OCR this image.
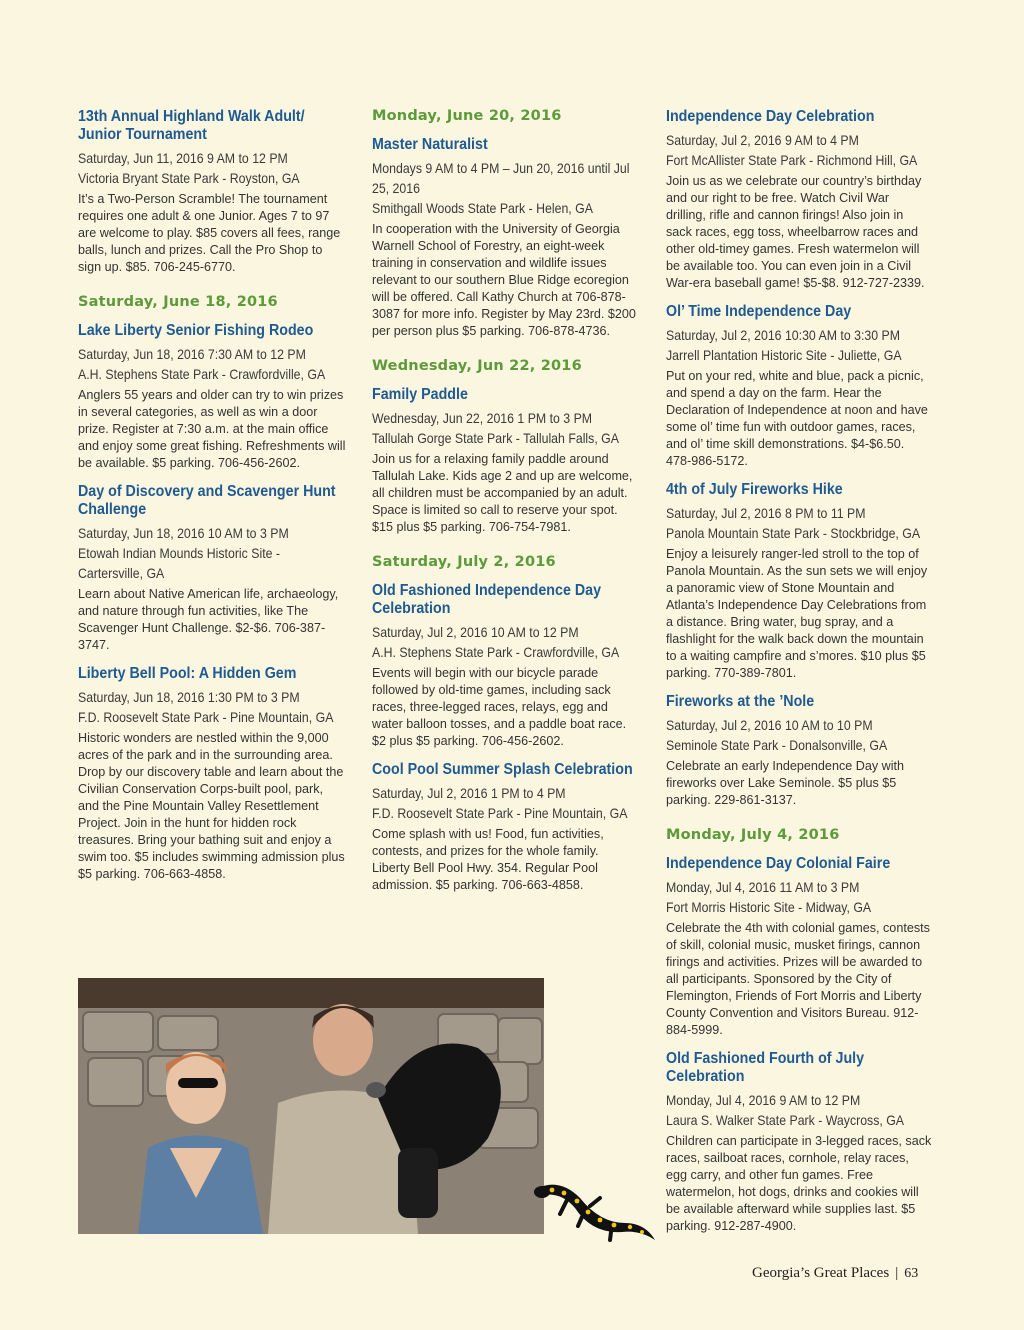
13th Annual Highland Walk Adult/ Junior Tournament
Saturday, Jun 11, 2016 9 AM to 12 PM
Victoria Bryant State Park - Royston, GA
It’s a Two-Person Scramble! The tournament requires one adult & one Junior. Ages 7 to 97 are welcome to play. $85 covers all fees, range balls, lunch and prizes. Call the Pro Shop to sign up. $85. 706-245-6770.
Saturday, June 18, 2016
Lake Liberty Senior Fishing Rodeo
Saturday, Jun 18, 2016 7:30 AM to 12 PM
A.H. Stephens State Park - Crawfordville, GA
Anglers 55 years and older can try to win prizes in several categories, as well as win a door prize. Register at 7:30 a.m. at the main office and enjoy some great fishing. Refreshments will be available. $5 parking. 706-456-2602.
Day of Discovery and Scavenger Hunt Challenge
Saturday, Jun 18, 2016 10 AM to 3 PM
Etowah Indian Mounds Historic Site - Cartersville, GA
Learn about Native American life, archaeology, and nature through fun activities, like The Scavenger Hunt Challenge. $2-$6. 706-387-3747.
Liberty Bell Pool: A Hidden Gem
Saturday, Jun 18, 2016 1:30 PM to 3 PM
F.D. Roosevelt State Park - Pine Mountain, GA
Historic wonders are nestled within the 9,000 acres of the park and in the surrounding area. Drop by our discovery table and learn about the Civilian Conservation Corps-built pool, park, and the Pine Mountain Valley Resettlement Project. Join in the hunt for hidden rock treasures. Bring your bathing suit and enjoy a swim too. $5 includes swimming admission plus $5 parking. 706-663-4858.
Monday, June 20, 2016
Master Naturalist
Mondays 9 AM to 4 PM – Jun 20, 2016 until Jul 25, 2016
Smithgall Woods State Park - Helen, GA
In cooperation with the University of Georgia Warnell School of Forestry, an eight-week training in conservation and wildlife issues relevant to our southern Blue Ridge ecoregion will be offered. Call Kathy Church at 706-878-3087 for more info. Register by May 23rd. $200 per person plus $5 parking. 706-878-4736.
Wednesday, Jun 22, 2016
Family Paddle
Wednesday, Jun 22, 2016 1 PM to 3 PM
Tallulah Gorge State Park - Tallulah Falls, GA
Join us for a relaxing family paddle around Tallulah Lake. Kids age 2 and up are welcome, all children must be accompanied by an adult. Space is limited so call to reserve your spot. $15 plus $5 parking. 706-754-7981.
Saturday, July 2, 2016
Old Fashioned Independence Day Celebration
Saturday, Jul 2, 2016 10 AM to 12 PM
A.H. Stephens State Park - Crawfordville, GA
Events will begin with our bicycle parade followed by old-time games, including sack races, three-legged races, relays, egg and water balloon tosses, and a paddle boat race. $2 plus $5 parking. 706-456-2602.
Cool Pool Summer Splash Celebration
Saturday, Jul 2, 2016 1 PM to 4 PM
F.D. Roosevelt State Park - Pine Mountain, GA
Come splash with us! Food, fun activities, contests, and prizes for the whole family. Liberty Bell Pool Hwy. 354. Regular Pool admission. $5 parking. 706-663-4858.
Independence Day Celebration
Saturday, Jul 2, 2016 9 AM to 4 PM
Fort McAllister State Park - Richmond Hill, GA
Join us as we celebrate our country’s birthday and our right to be free. Watch Civil War drilling, rifle and cannon firings! Also join in sack races, egg toss, wheelbarrow races and other old-timey games. Fresh watermelon will be available too. You can even join in a Civil War-era baseball game! $5-$8. 912-727-2339.
Ol’ Time Independence Day
Saturday, Jul 2, 2016 10:30 AM to 3:30 PM
Jarrell Plantation Historic Site - Juliette, GA
Put on your red, white and blue, pack a picnic, and spend a day on the farm. Hear the Declaration of Independence at noon and have some ol’ time fun with outdoor games, races, and ol’ time skill demonstrations. $4-$6.50. 478-986-5172.
4th of July Fireworks Hike
Saturday, Jul 2, 2016 8 PM to 11 PM
Panola Mountain State Park - Stockbridge, GA
Enjoy a leisurely ranger-led stroll to the top of Panola Mountain. As the sun sets we will enjoy a panoramic view of Stone Mountain and Atlanta’s Independence Day Celebrations from a distance. Bring water, bug spray, and a flashlight for the walk back down the mountain to a waiting campfire and s’mores. $10 plus $5 parking. 770-389-7801.
Fireworks at the ’Nole
Saturday, Jul 2, 2016 10 AM to 10 PM
Seminole State Park - Donalsonville, GA
Celebrate an early Independence Day with fireworks over Lake Seminole. $5 plus $5 parking. 229-861-3137.
Monday, July 4, 2016
Independence Day Colonial Faire
Monday, Jul 4, 2016 11 AM to 3 PM
Fort Morris Historic Site - Midway, GA
Celebrate the 4th with colonial games, contests of skill, colonial music, musket firings, cannon firings and activities. Prizes will be awarded to all participants. Sponsored by the City of Flemington, Friends of Fort Morris and Liberty County Convention and Visitors Bureau. 912-884-5999.
Old Fashioned Fourth of July Celebration
Monday, Jul 4, 2016 9 AM to 12 PM
Laura S. Walker State Park - Waycross, GA
Children can participate in 3-legged races, sack races, sailboat races, cornhole, relay races, egg carry, and other fun games. Free watermelon, hot dogs, drinks and cookies will be available afterward while supplies last. $5 parking. 912-287-4900.
Georgia’s Great Places | 63
